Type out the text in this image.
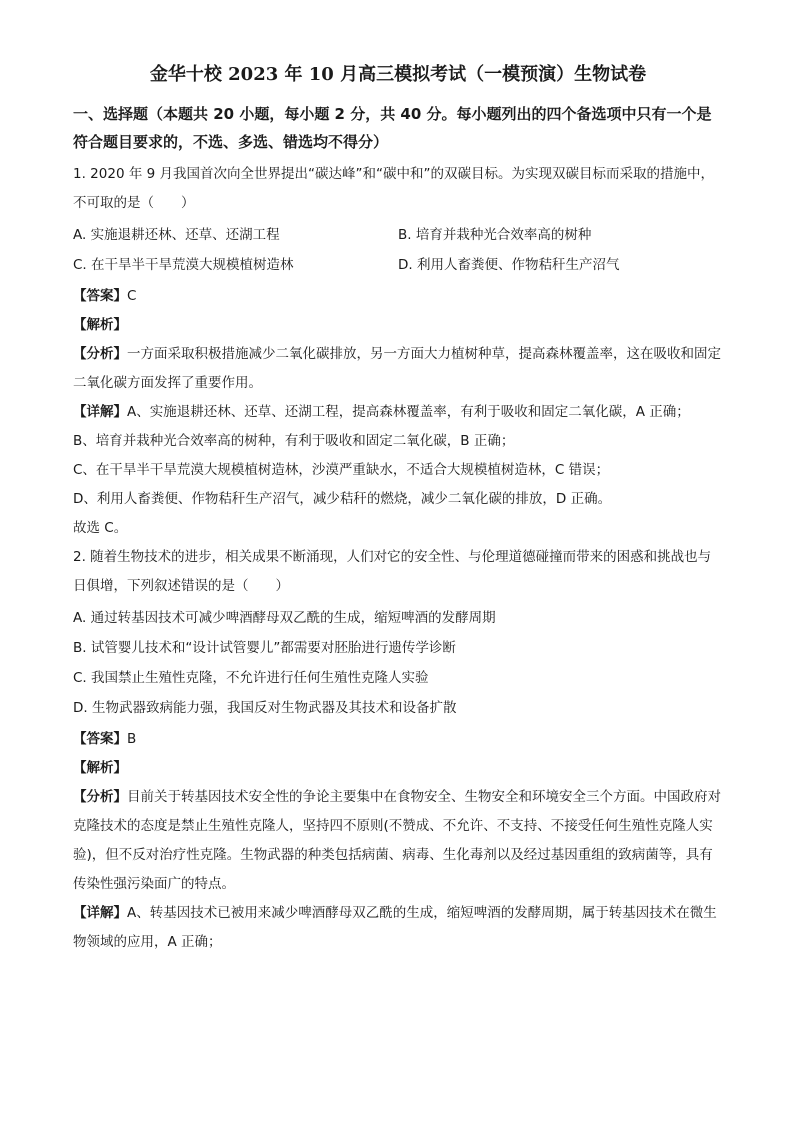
金华十校 2023 年 10 月高三模拟考试（一模预演）生物试卷

一、选择题（本题共 20 小题，每小题 2 分，共 40 分。每小题列出的四个备选项中只有一个是符合题目要求的，不选、多选、错选均不得分）

1. 2020 年 9 月我国首次向全世界提出“碳达峰”和“碳中和”的双碳目标。为实现双碳目标而采取的措施中，不可取的是（　　）

A. 实施退耕还林、还草、还湖工程	B. 培育并栽种光合效率高的树种
C. 在干旱半干旱荒漠大规模植树造林	D. 利用人畜粪便、作物秸秆生产沼气

【答案】C

【解析】

【分析】一方面采取积极措施减少二氧化碳排放，另一方面大力植树种草，提高森林覆盖率，这在吸收和固定二氧化碳方面发挥了重要作用。

【详解】A、实施退耕还林、还草、还湖工程，提高森林覆盖率，有利于吸收和固定二氧化碳，A 正确；

B、培育并栽种光合效率高的树种，有利于吸收和固定二氧化碳，B 正确；

C、在干旱半干旱荒漠大规模植树造林，沙漠严重缺水，不适合大规模植树造林，C 错误；

D、利用人畜粪便、作物秸秆生产沼气，减少秸秆的燃烧，减少二氧化碳的排放，D 正确。

故选 C。

2. 随着生物技术的进步，相关成果不断涌现，人们对它的安全性、与伦理道德碰撞而带来的困惑和挑战也与日俱增，下列叙述错误的是（　　）

A. 通过转基因技术可减少啤酒酵母双乙酰的生成，缩短啤酒的发酵周期
B. 试管婴儿技术和“设计试管婴儿”都需要对胚胎进行遗传学诊断
C. 我国禁止生殖性克隆，不允许进行任何生殖性克隆人实验
D. 生物武器致病能力强，我国反对生物武器及其技术和设备扩散

【答案】B

【解析】

【分析】目前关于转基因技术安全性的争论主要集中在食物安全、生物安全和环境安全三个方面。中国政府对克隆技术的态度是禁止生殖性克隆人，坚持四不原则(不赞成、不允许、不支持、不接受任何生殖性克隆人实验)，但不反对治疗性克隆。生物武器的种类包括病菌、病毒、生化毒剂以及经过基因重组的致病菌等，具有传染性强污染面广的特点。

【详解】A、转基因技术已被用来减少啤酒酵母双乙酰的生成，缩短啤酒的发酵周期，属于转基因技术在微生物领域的应用，A 正确；
